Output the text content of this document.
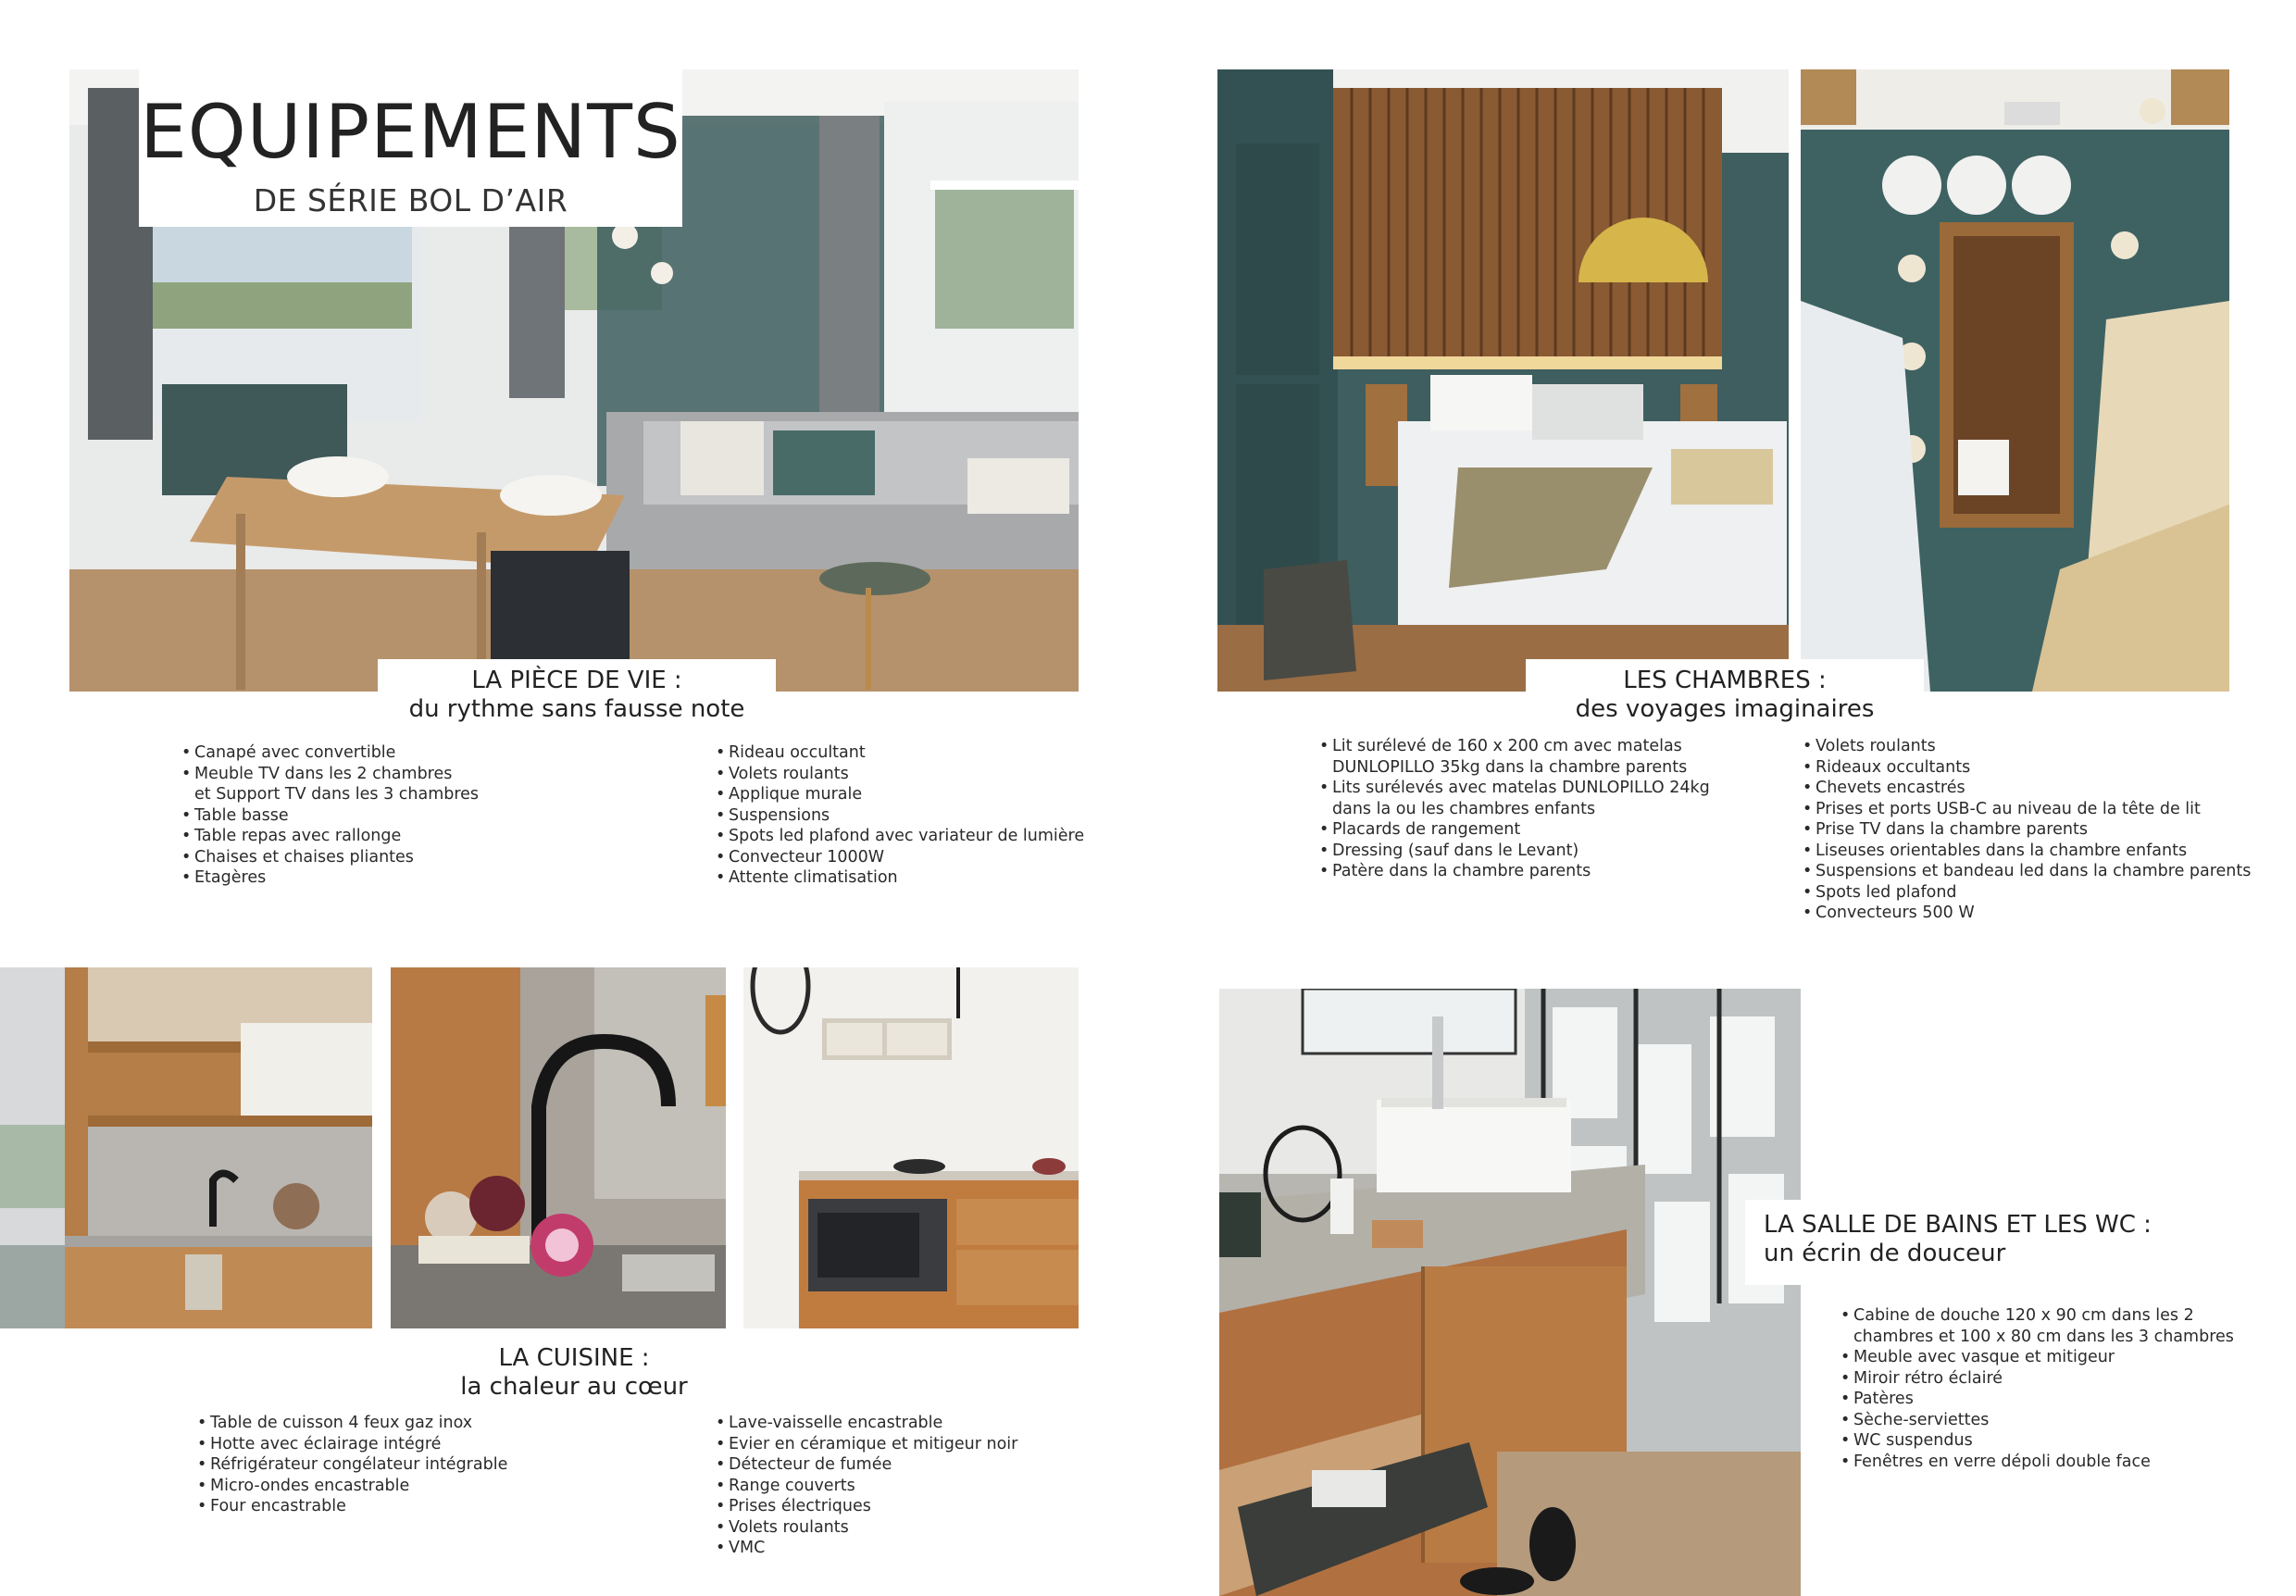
EQUIPEMENTS
DE SÉRIE BOL D’AIR
LA PIÈCE DE VIE :
du rythme sans fausse note
LES CHAMBRES :
des voyages imaginaires
LA CUISINE :
la chaleur au cœur
LA SALLE DE BAINS ET LES WC :
un écrin de douceur
• Canapé avec convertible
• Meuble TV dans les 2 chambres
et Support TV dans les 3 chambres
• Table basse
• Table repas avec rallonge
• Chaises et chaises pliantes
• Etagères
• Rideau occultant
• Volets roulants
• Applique murale
• Suspensions
• Spots led plafond avec variateur de lumière
• Convecteur 1000W
• Attente climatisation
• Lit surélevé de 160 x 200 cm avec matelas
DUNLOPILLO 35kg dans la chambre parents
• Lits surélevés avec matelas DUNLOPILLO 24kg
dans la ou les chambres enfants
• Placards de rangement
• Dressing (sauf dans le Levant)
• Patère dans la chambre parents
• Volets roulants
• Rideaux occultants
• Chevets encastrés
• Prises et ports USB-C au niveau de la tête de lit
• Prise TV dans la chambre parents
• Liseuses orientables dans la chambre enfants
• Suspensions et bandeau led dans la chambre parents
• Spots led plafond
• Convecteurs 500 W
• Table de cuisson 4 feux gaz inox
• Hotte avec éclairage intégré
• Réfrigérateur congélateur intégrable
• Micro-ondes encastrable
• Four encastrable
• Lave-vaisselle encastrable
• Evier en céramique et mitigeur noir
• Détecteur de fumée
• Range couverts
• Prises électriques
• Volets roulants
• VMC
• Cabine de douche 120 x 90 cm dans les 2
chambres et 100 x 80 cm dans les 3 chambres
• Meuble avec vasque et mitigeur
• Miroir rétro éclairé
• Patères
• Sèche-serviettes
• WC suspendus
• Fenêtres en verre dépoli double face
